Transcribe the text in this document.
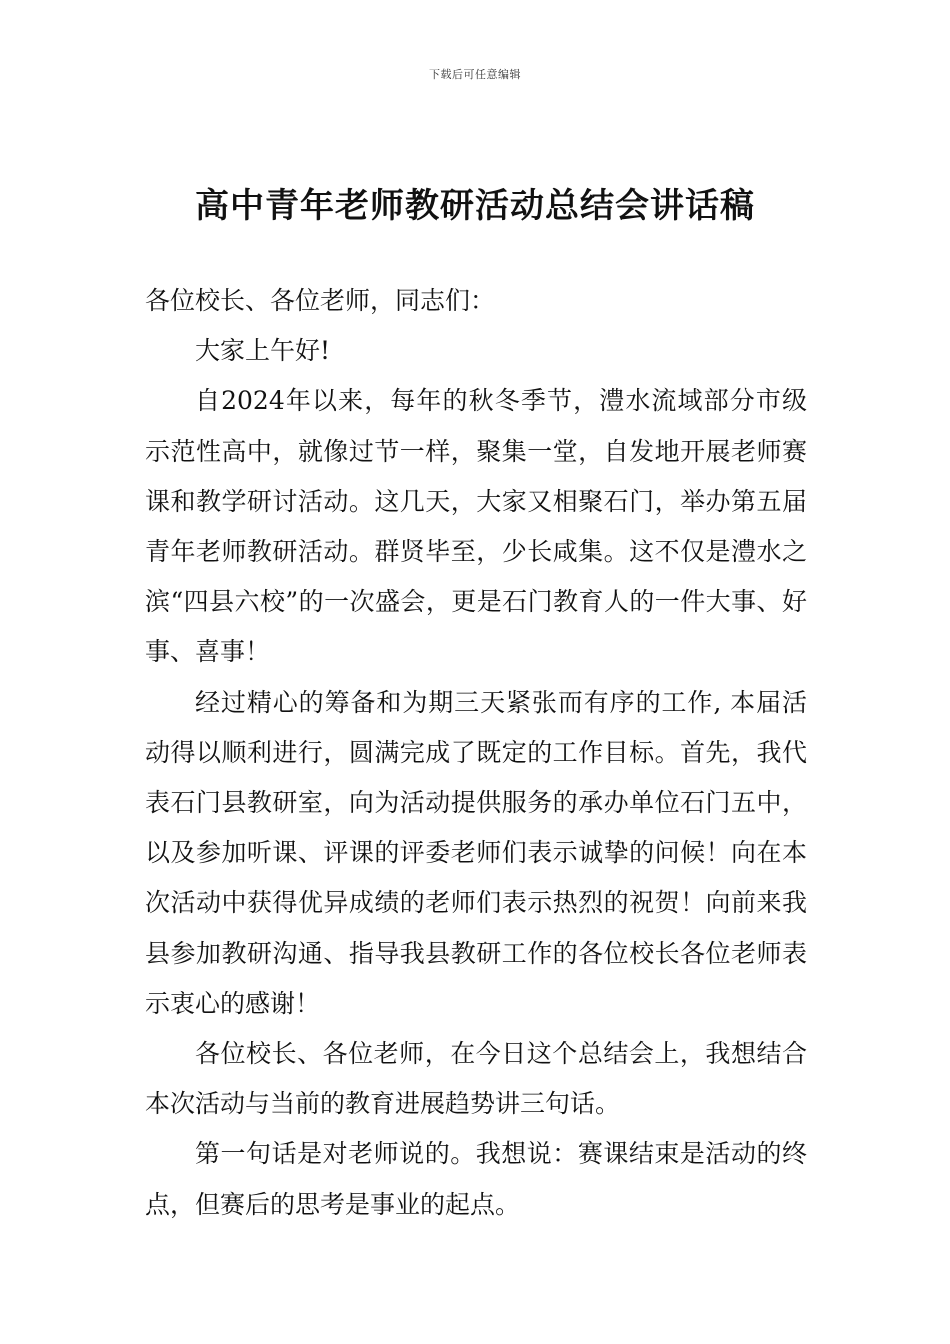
下载后可任意编辑
高中青年老师教研活动总结会讲话稿

各位校长、各位老师，同志们：

大家上午好!

自2024年以来，每年的秋冬季节，澧水流域部分市级示范性高中，就像过节一样，聚集一堂，自发地开展老师赛课和教学研讨活动。这几天，大家又相聚石门，举办第五届青年老师教研活动。群贤毕至，少长咸集。这不仅是澧水之滨“四县六校”的一次盛会，更是石门教育人的一件大事、好事、喜事！

经过精心的筹备和为期三天紧张而有序的工作, 本届活动得以顺利进行，圆满完成了既定的工作目标。首先，我代表石门县教研室，向为活动提供服务的承办单位石门五中，以及参加听课、评课的评委老师们表示诚挚的问候！向在本次活动中获得优异成绩的老师们表示热烈的祝贺！向前来我县参加教研沟通、指导我县教研工作的各位校长各位老师表示衷心的感谢！

各位校长、各位老师，在今日这个总结会上，我想结合本次活动与当前的教育进展趋势讲三句话。

第一句话是对老师说的。我想说：赛课结束是活动的终点，但赛后的思考是事业的起点。
